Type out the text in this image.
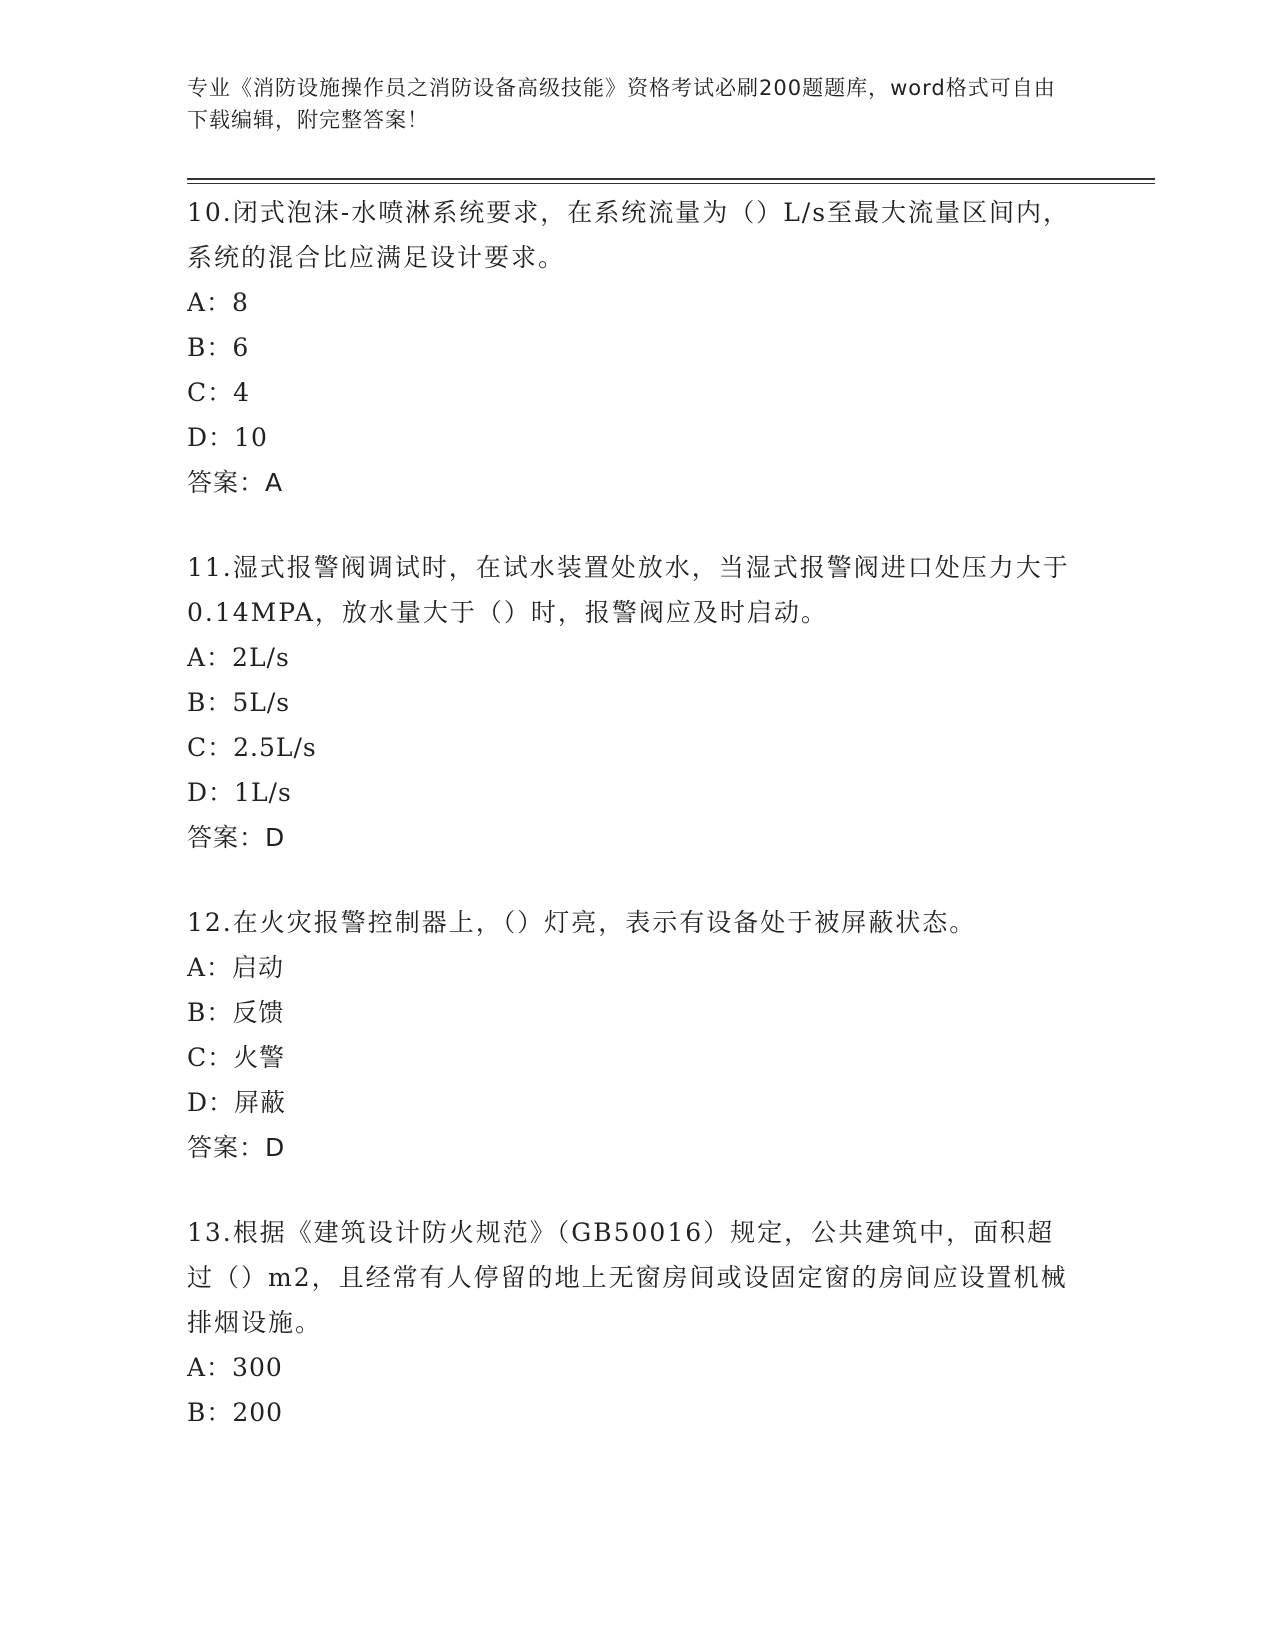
专业《消防设施操作员之消防设备高级技能》资格考试必刷200题题库，word格式可自由下载编辑，附完整答案！

10.闭式泡沫-水喷淋系统要求，在系统流量为（）L/s至最大流量区间内，系统的混合比应满足设计要求。

A：8

B：6

C：4

D：10

答案：A

11.湿式报警阀调试时，在试水装置处放水，当湿式报警阀进口处压力大于0.14MPA，放水量大于（）时，报警阀应及时启动。

A：2L/s

B：5L/s

C：2.5L/s

D：1L/s

答案：D

12.在火灾报警控制器上，（）灯亮，表示有设备处于被屏蔽状态。

A：启动

B：反馈

C：火警

D：屏蔽

答案：D

13.根据《建筑设计防火规范》（GB50016）规定，公共建筑中，面积超过（）m2，且经常有人停留的地上无窗房间或设固定窗的房间应设置机械排烟设施。

A：300

B：200
